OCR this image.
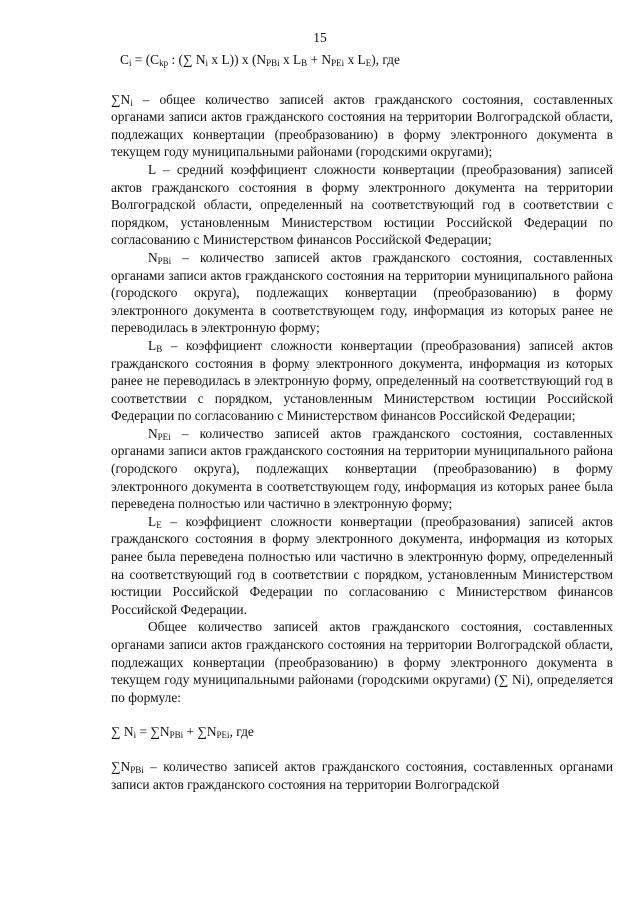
15

$C_i = (C_{kp}$ : (∑ $N_i$ x L)) x ($N_{PBi}$ x $L_B + N_{PEi}$ x $L_E$), где

$\sum N_i$ – общее количество записей актов гражданского состояния, составленных органами записи актов гражданского состояния на территории Волгоградской области, подлежащих конвертации (преобразованию) в форму электронного документа в текущем году муниципальными районами (городскими округами);

L – средний коэффициент сложности конвертации (преобразования) записей актов гражданского состояния в форму электронного документа на территории Волгоградской области, определенный на соответствующий год в соответствии с порядком, установленным Министерством юстиции Российской Федерации по согласованию с Министерством финансов Российской Федерации;

$N_{PBi}$ – количество записей актов гражданского состояния, составленных органами записи актов гражданского состояния на территории муниципального района (городского округа), подлежащих конвертации (преобразованию) в форму электронного документа в соответствующем году, информация из которых ранее не переводилась в электронную форму;

$L_B$ – коэффициент сложности конвертации (преобразования) записей актов гражданского состояния в форму электронного документа, информация из которых ранее не переводилась в электронную форму, определенный на соответствующий год в соответствии с порядком, установленным Министерством юстиции Российской Федерации по согласованию с Министерством финансов Российской Федерации;

$N_{PEi}$ – количество записей актов гражданского состояния, составленных органами записи актов гражданского состояния на территории муниципального района (городского округа), подлежащих конвертации (преобразованию) в форму электронного документа в соответствующем году, информация из которых ранее была переведена полностью или частично в электронную форму;

$L_E$ – коэффициент сложности конвертации (преобразования) записей актов гражданского состояния в форму электронного документа, информация из которых ранее была переведена полностью или частично в электронную форму, определенный на соответствующий год в соответствии с порядком, установленным Министерством юстиции Российской Федерации по согласованию с Министерством финансов Российской Федерации.

Общее количество записей актов гражданского состояния, составленных органами записи актов гражданского состояния на территории Волгоградской области, подлежащих конвертации (преобразованию) в форму электронного документа в текущем году муниципальными районами (городскими округами) (∑ Ni), определяется по формуле:

∑ $N_i = \sum N_{PBi} + \sum N_{PEi}$, где

$\sum N_{PBi}$ – количество записей актов гражданского состояния, составленных органами записи актов гражданского состояния на территории Волгоградской
